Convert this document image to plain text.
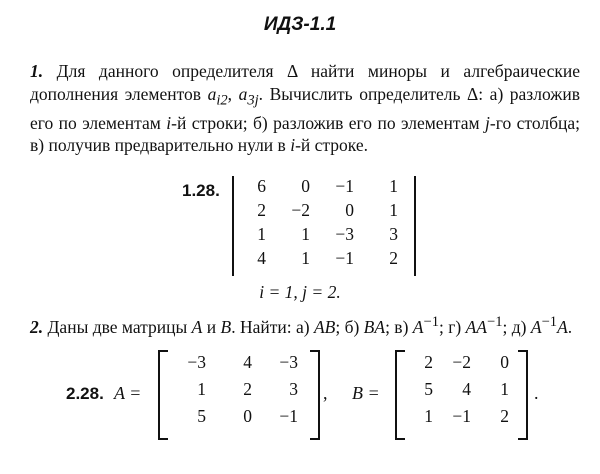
ИДЗ-1.1
1. Для данного определителя Δ найти миноры и алгебраические дополнения элементов $a_{i2}$, $a_{3j}$. Вычислить определитель Δ: а) разложив его по элементам i-й строки; б) разложив его по элементам j-го столбца; в) получив предварительно нули в i-й строке.
1.28.	6	0	−1	1
2	−2	0	1
1	1	−3	3
4	1	−1	2
i = 1, j = 2.
2. Даны две матрицы A и B. Найти: а) AB; б) BA; в) $A^{-1}$; г) $AA^{-1}$; д) $A^{-1}A$.
2.28. A =
−3	4	−3
1	2	3
5	0	−1
, B =
2	−2	0
5	4	1
1	−1	2
.
